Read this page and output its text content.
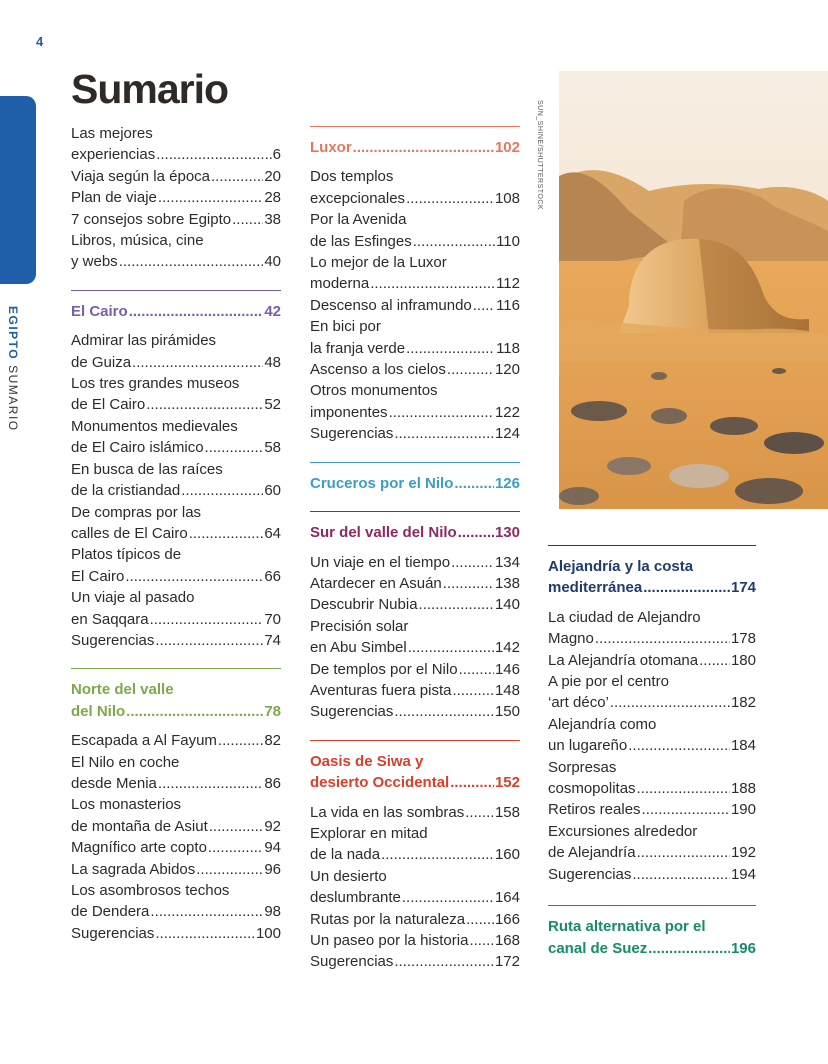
4
EGIPTOSUMARIO
Sumario
SUN_SHINE/SHUTTERSTOCK
Las mejores
experiencias .....	6
Viaja según la época .....	20
Plan de viaje .....	28
7 consejos sobre Egipto ..... 38
Libros, música, cine
y webs .....	40
El Cairo .....	42
Admirar las pirámides
de Guiza .....	48
Los tres grandes museos
de El Cairo .....	52
Monumentos medievales
de El Cairo islámico .....	58
En busca de las raíces
de la cristiandad .....	60
De compras por las
calles de El Cairo .....	64
Platos típicos de
El Cairo .....	66
Un viaje al pasado
en Saqqara .....	70
Sugerencias .....	74
Norte del valle
del Nilo .....	78
Escapada a Al Fayum .....	82
El Nilo en coche
desde Menia .....	86
Los monasterios
de montaña de Asiut .....	92
Magnífico arte copto .....	94
La sagrada Abidos .....	96
Los asombrosos techos
de Dendera .....	98
Sugerencias .....	100
Luxor .....	102
Dos templos
excepcionales .....	108
Por la Avenida
de las Esfinges .....	110
Lo mejor de la Luxor
moderna .....	112
Descenso al inframundo ..... 116
En bici por
la franja verde .....	118
Ascenso a los cielos .....	120
Otros monumentos
imponentes .....	122
Sugerencias .....	124
Cruceros por el Nilo .....	126
Sur del valle del Nilo .....	130
Un viaje en el tiempo .....	134
Atardecer en Asuán .....	138
Descubrir Nubia .....	140
Precisión solar
en Abu Simbel .....	142
De templos por el Nilo ..... 146
Aventuras fuera pista .....	148
Sugerencias .....	150
Oasis de Siwa y
desierto Occidental .....	152
La vida en las sombras ..... 158
Explorar en mitad
de la nada .....	160
Un desierto
deslumbrante .....	164
Rutas por la naturaleza ..... 166
Un paseo por la historia ..... 168
Sugerencias .....	172
Alejandría y la costa
mediterránea .....	174
La ciudad de Alejandro
Magno .....	178
La Alejandría otomana ..... 180
A pie por el centro
‘art déco’ .....	182
Alejandría como
un lugareño .....	184
Sorpresas
cosmopolitas .....	188
Retiros reales .....	190
Excursiones alrededor
de Alejandría .....	192
Sugerencias .....	194
Ruta alternativa por el
canal de Suez .....	196
